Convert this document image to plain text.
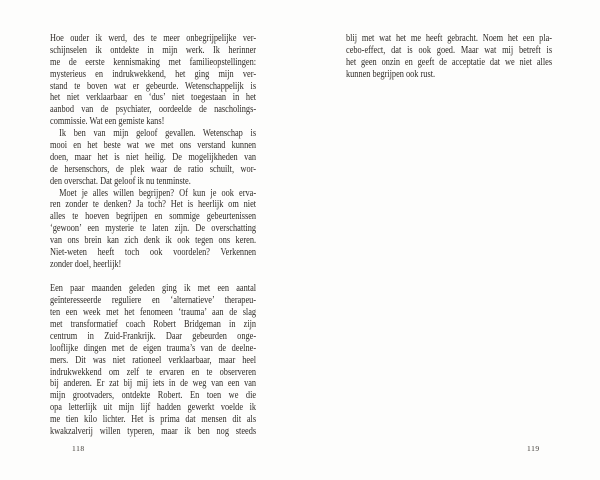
Hoe ouder ik werd, des te meer onbegrijpelijke ver-
schijnselen ik ontdekte in mijn werk. Ik herinner
me de eerste kennismaking met familieopstellingen:
mysterieus en indrukwekkend, het ging mijn ver-
stand te boven wat er gebeurde. Wetenschappelijk is
het niet verklaarbaar en ‘dus’ niet toegestaan in het
aanbod van de psychiater, oordeelde de nascholings-
commissie. Wat een gemiste kans!
Ik ben van mijn geloof gevallen. Wetenschap is
mooi en het beste wat we met ons verstand kunnen
doen, maar het is niet heilig. De mogelijkheden van
de hersenschors, de plek waar de ratio schuilt, wor-
den overschat. Dat geloof ik nu tenminste.
Moet je alles willen begrijpen? Of kun je ook erva-
ren zonder te denken? Ja toch? Het is heerlijk om niet
alles te hoeven begrijpen en sommige gebeurtenissen
‘gewoon’ een mysterie te laten zijn. De overschatting
van ons brein kan zich denk ik ook tegen ons keren.
Niet-weten heeft toch ook voordelen? Verkennen
zonder doel, heerlijk!
Een paar maanden geleden ging ik met een aantal
geïnteresseerde reguliere en ‘alternatieve’ therapeu-
ten een week met het fenomeen ‘trauma’ aan de slag
met transformatief coach Robert Bridgeman in zijn
centrum in Zuid-Frankrijk. Daar gebeurden onge-
looflijke dingen met de eigen trauma’s van de deelne-
mers. Dit was niet rationeel verklaarbaar, maar heel
indrukwekkend om zelf te ervaren en te observeren
bij anderen. Er zat bij mij iets in de weg van een van
mijn grootvaders, ontdekte Robert. En toen we die
opa letterlijk uit mijn lijf hadden gewerkt voelde ik
me tien kilo lichter. Het is prima dat mensen dit als
kwakzalverij willen typeren, maar ik ben nog steeds
118
blij met wat het me heeft gebracht. Noem het een pla-
cebo-effect, dat is ook goed. Maar wat mij betreft is
het geen onzin en geeft de acceptatie dat we niet alles
kunnen begrijpen ook rust.
119
